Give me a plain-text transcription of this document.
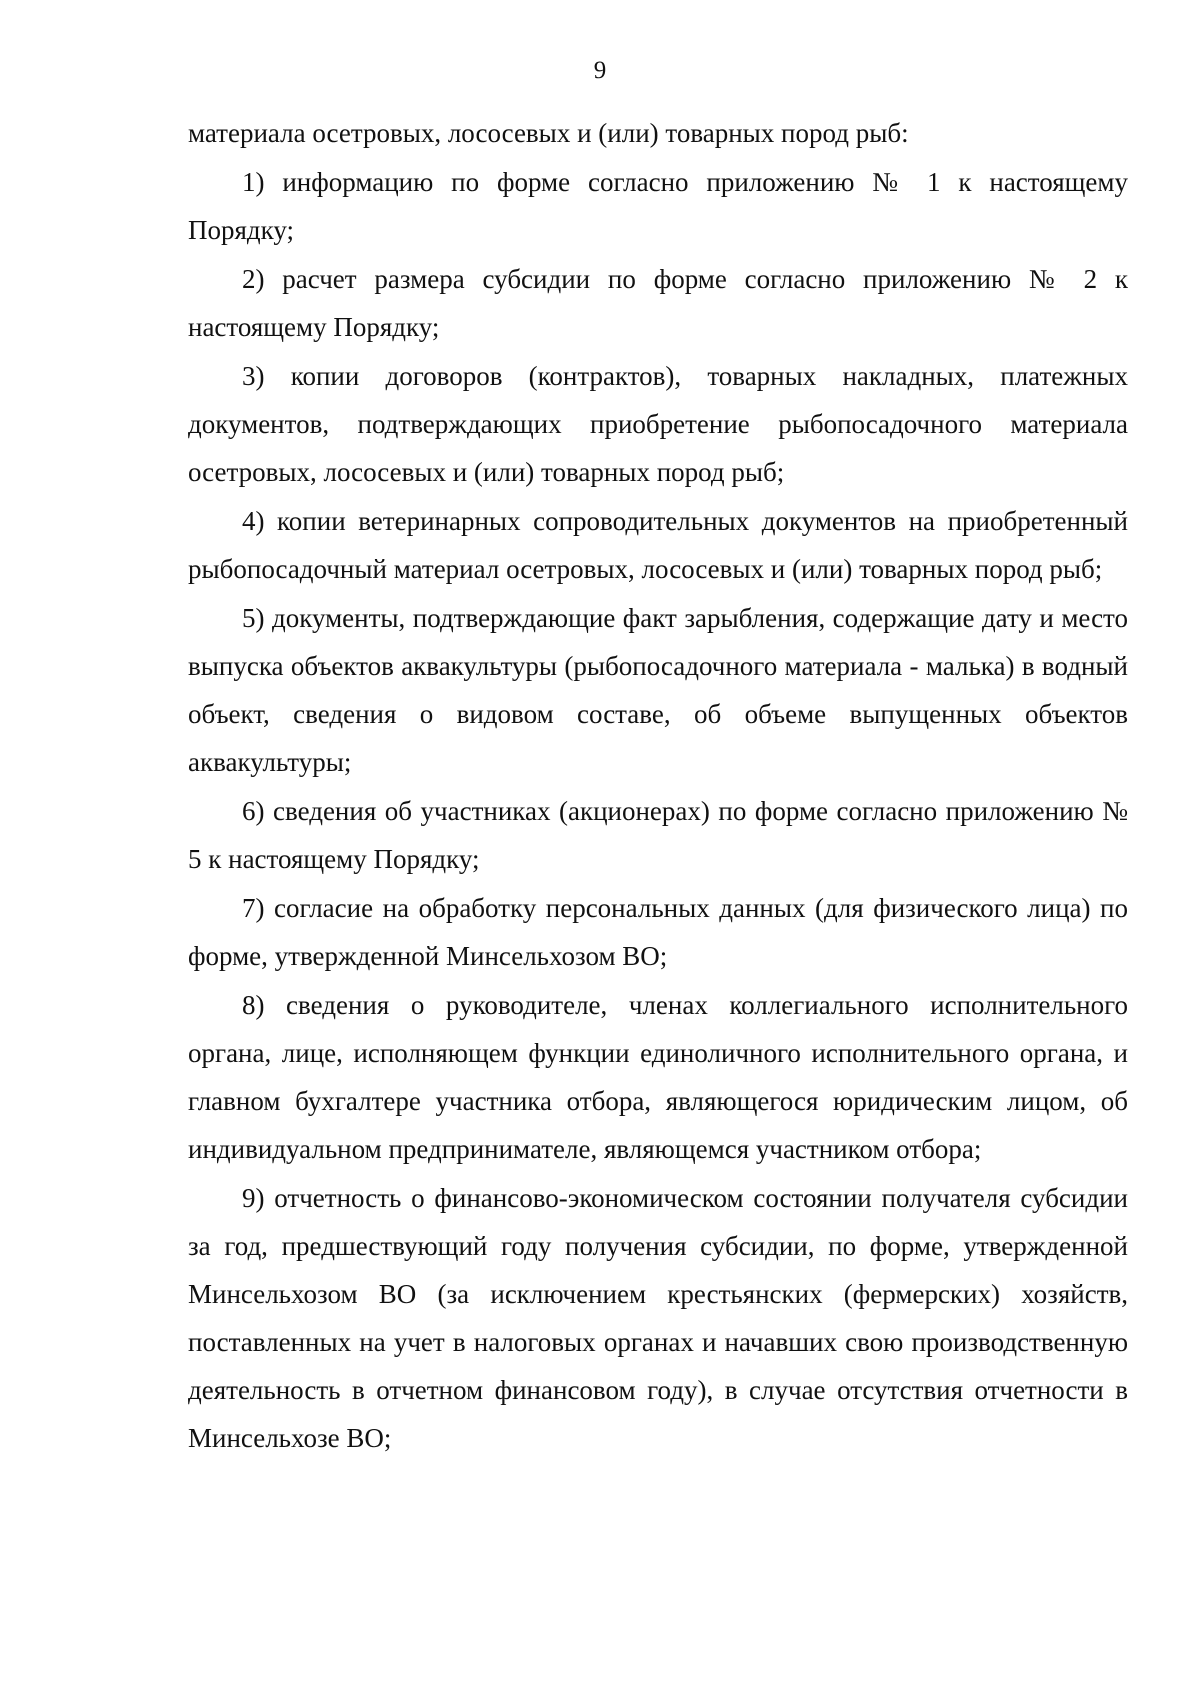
9

материала осетровых, лососевых и (или) товарных пород рыб:

1) информацию по форме согласно приложению № 1 к настоящему Порядку;

2) расчет размера субсидии по форме согласно приложению № 2 к настоящему Порядку;

3) копии договоров (контрактов), товарных накладных, платежных документов, подтверждающих приобретение рыбопосадочного материала осетровых, лососевых и (или) товарных пород рыб;

4) копии ветеринарных сопроводительных документов на приобретенный рыбопосадочный материал осетровых, лососевых и (или) товарных пород рыб;

5) документы, подтверждающие факт зарыбления, содержащие дату и место выпуска объектов аквакультуры (рыбопосадочного материала - малька) в водный объект, сведения о видовом составе, об объеме выпущенных объектов аквакультуры;

6) сведения об участниках (акционерах) по форме согласно приложению № 5 к настоящему Порядку;

7) согласие на обработку персональных данных (для физического лица) по форме, утвержденной Минсельхозом ВО;

8) сведения о руководителе, членах коллегиального исполнительного органа, лице, исполняющем функции единоличного исполнительного органа, и главном бухгалтере участника отбора, являющегося юридическим лицом, об индивидуальном предпринимателе, являющемся участником отбора;

9) отчетность о финансово-экономическом состоянии получателя субсидии за год, предшествующий году получения субсидии, по форме, утвержденной Минсельхозом ВО (за исключением крестьянских (фермерских) хозяйств, поставленных на учет в налоговых органах и начавших свою производственную деятельность в отчетном финансовом году), в случае отсутствия отчетности в Минсельхозе ВО;
